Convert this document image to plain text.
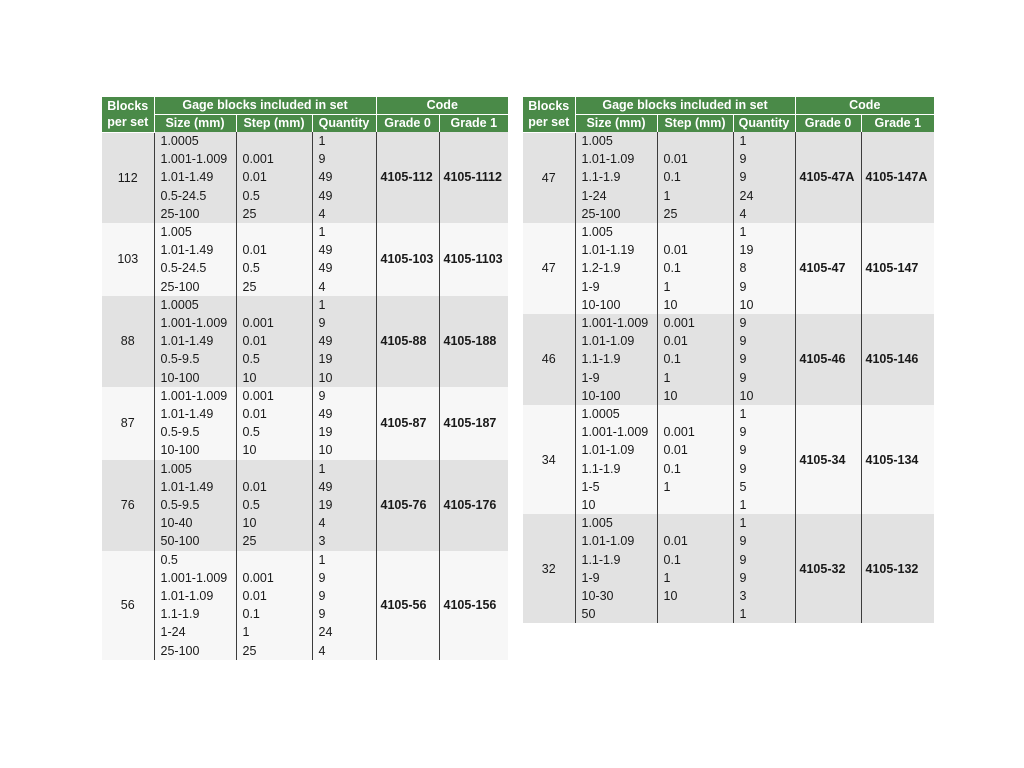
Blocks
per set	Gage blocks included in set			Code	
	Size (mm)	Step (mm)	Quantity	Grade 0	Grade 1
112	1.0005		1	4105-112	4105-1112
	1.001-1.009	0.001	9		
	1.01-1.49	0.01	49		
	0.5-24.5	0.5	49		
	25-100	25	4		
103	1.005		1	4105-103	4105-1103
	1.01-1.49	0.01	49		
	0.5-24.5	0.5	49		
	25-100	25	4		
88	1.0005		1	4105-88	4105-188
	1.001-1.009	0.001	9		
	1.01-1.49	0.01	49		
	0.5-9.5	0.5	19		
	10-100	10	10		
87	1.001-1.009	0.001	9	4105-87	4105-187
	1.01-1.49	0.01	49		
	0.5-9.5	0.5	19		
	10-100	10	10		
76	1.005		1	4105-76	4105-176
	1.01-1.49	0.01	49		
	0.5-9.5	0.5	19		
	10-40	10	4		
	50-100	25	3		
56	0.5		1	4105-56	4105-156
	1.001-1.009	0.001	9		
	1.01-1.09	0.01	9		
	1.1-1.9	0.1	9		
	1-24	1	24		
	25-100	25	4		
Blocks
per set	Gage blocks included in set			Code	
	Size (mm)	Step (mm)	Quantity	Grade 0	Grade 1
47	1.005		1	4105-47A	4105-147A
	1.01-1.09	0.01	9		
	1.1-1.9	0.1	9		
	1-24	1	24		
	25-100	25	4		
47	1.005		1	4105-47	4105-147
	1.01-1.19	0.01	19		
	1.2-1.9	0.1	8		
	1-9	1	9		
	10-100	10	10		
46	1.001-1.009	0.001	9	4105-46	4105-146
	1.01-1.09	0.01	9		
	1.1-1.9	0.1	9		
	1-9	1	9		
	10-100	10	10		
34	1.0005		1	4105-34	4105-134
	1.001-1.009	0.001	9		
	1.01-1.09	0.01	9		
	1.1-1.9	0.1	9		
	1-5	1	5		
	10		1		
32	1.005		1	4105-32	4105-132
	1.01-1.09	0.01	9		
	1.1-1.9	0.1	9		
	1-9	1	9		
	10-30	10	3		
	50		1		
